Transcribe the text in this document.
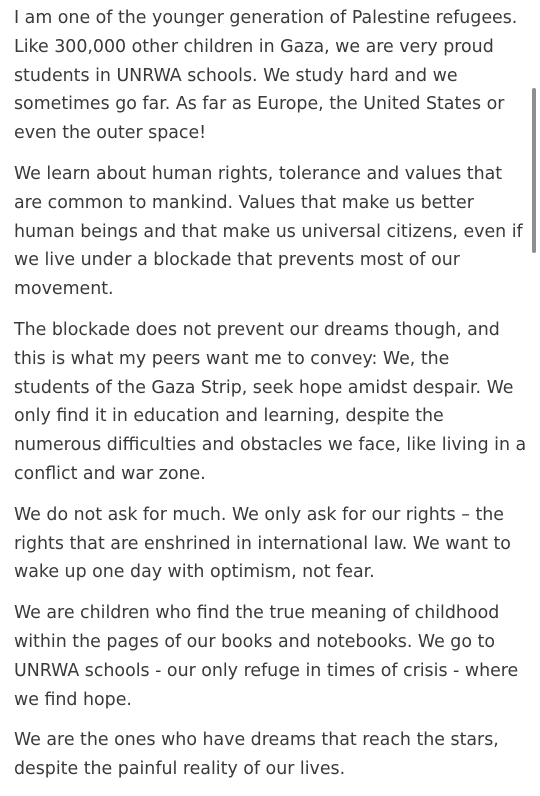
I am one of the younger generation of Palestine refugees. Like 300,000 other children in Gaza, we are very proud students in UNRWA schools. We study hard and we sometimes go far. As far as Europe, the United States or even the outer space!

We learn about human rights, tolerance and values that are common to mankind. Values that make us better human beings and that make us universal citizens, even if we live under a blockade that prevents most of our movement.

The blockade does not prevent our dreams though, and this is what my peers want me to convey: We, the students of the Gaza Strip, seek hope amidst despair. We only find it in education and learning, despite the numerous difficulties and obstacles we face, like living in a conflict and war zone.

We do not ask for much. We only ask for our rights – the rights that are enshrined in international law. We want to wake up one day with optimism, not fear.

We are children who find the true meaning of childhood within the pages of our books and notebooks. We go to UNRWA schools - our only refuge in times of crisis - where we find hope.

We are the ones who have dreams that reach the stars, despite the painful reality of our lives.
